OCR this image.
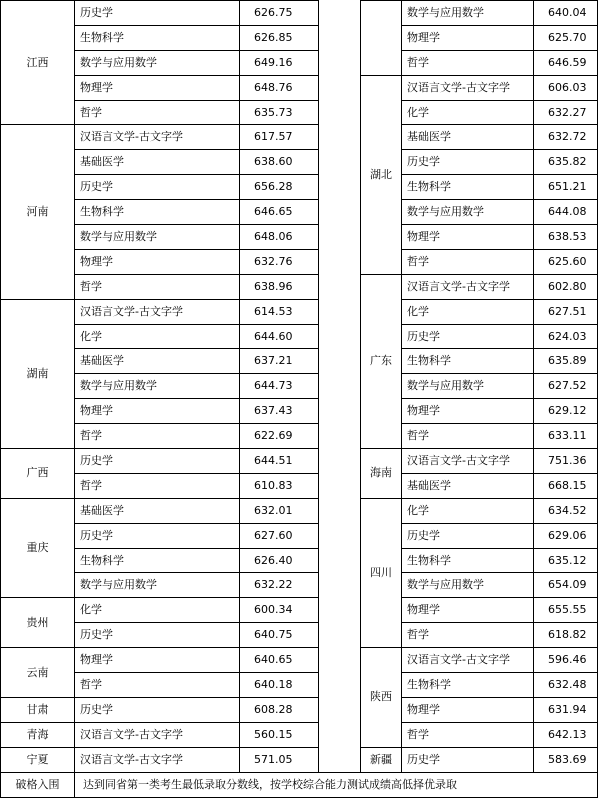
江西	历史学	626.75			数学与应用数学	640.04
	生物科学	626.85			物理学	625.70
	数学与应用数学	649.16			哲学	646.59
	物理学	648.76		湖北	汉语言文学-古文字学	606.03
	哲学	635.73			化学	632.27
河南	汉语言文学-古文字学	617.57			基础医学	632.72
	基础医学	638.60			历史学	635.82
	历史学	656.28			生物科学	651.21
	生物科学	646.65			数学与应用数学	644.08
	数学与应用数学	648.06			物理学	638.53
	物理学	632.76			哲学	625.60
	哲学	638.96		广东	汉语言文学-古文字学	602.80
湖南	汉语言文学-古文字学	614.53			化学	627.51
	化学	644.60			历史学	624.03
	基础医学	637.21			生物科学	635.89
	数学与应用数学	644.73			数学与应用数学	627.52
	物理学	637.43			物理学	629.12
	哲学	622.69			哲学	633.11
广西	历史学	644.51		海南	汉语言文学-古文字学	751.36
	哲学	610.83			基础医学	668.15
重庆	基础医学	632.01		四川	化学	634.52
	历史学	627.60			历史学	629.06
	生物科学	626.40			生物科学	635.12
	数学与应用数学	632.22			数学与应用数学	654.09
贵州	化学	600.34			物理学	655.55
	历史学	640.75			哲学	618.82
云南	物理学	640.65		陕西	汉语言文学-古文字学	596.46
	哲学	640.18			生物科学	632.48
甘肃	历史学	608.28			物理学	631.94
青海	汉语言文学-古文字学	560.15			哲学	642.13
宁夏	汉语言文学-古文字学	571.05		新疆	历史学	583.69
破格入围	达到同省第一类考生最低录取分数线，按学校综合能力测试成绩高低择优录取					
